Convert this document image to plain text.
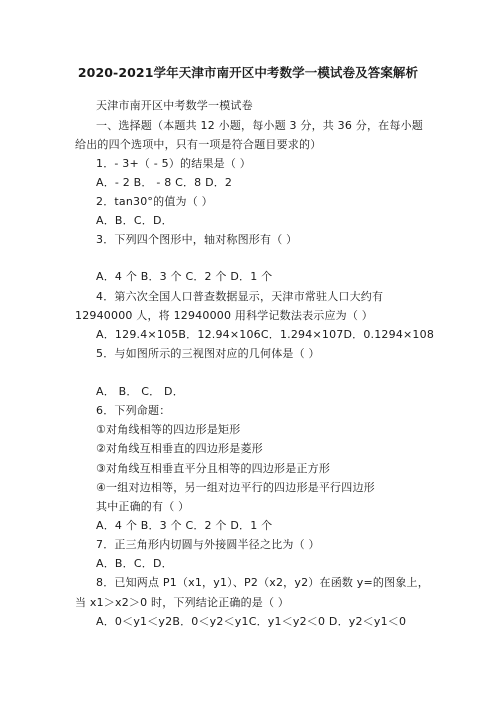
2020-2021学年天津市南开区中考数学一模试卷及答案解析
天津市南开区中考数学一模试卷
一、选择题（本题共 12 小题，每小题 3 分，共 36 分，在每小题
给出的四个选项中，只有一项是符合题目要求的）
1．- 3+（ - 5）的结果是（ ）
A．- 2 B． - 8 C．8 D．2
2．tan30°的值为（ ）
A．B．C．D．
3．下列四个图形中，轴对称图形有（ ）
A．4 个 B．3 个 C．2 个 D．1 个
4．第六次全国人口普查数据显示，天津市常驻人口大约有
12940000 人，将 12940000 用科学记数法表示应为（ ）
A．129.4×105B．12.94×106C．1.294×107D．0.1294×108
5．与如图所示的三视图对应的几何体是（ ）
A． B． C． D．
6．下列命题：
①对角线相等的四边形是矩形
②对角线互相垂直的四边形是菱形
③对角线互相垂直平分且相等的四边形是正方形
④一组对边相等，另一组对边平行的四边形是平行四边形
其中正确的有（ ）
A．4 个 B．3 个 C．2 个 D．1 个
7．正三角形内切圆与外接圆半径之比为（ ）
A．B．C．D．
8．已知两点 P1（x1，y1）、P2（x2，y2）在函数 y=的图象上，
当 x1＞x2＞0 时，下列结论正确的是（ ）
A．0＜y1＜y2B．0＜y2＜y1C．y1＜y2＜0 D．y2＜y1＜0
